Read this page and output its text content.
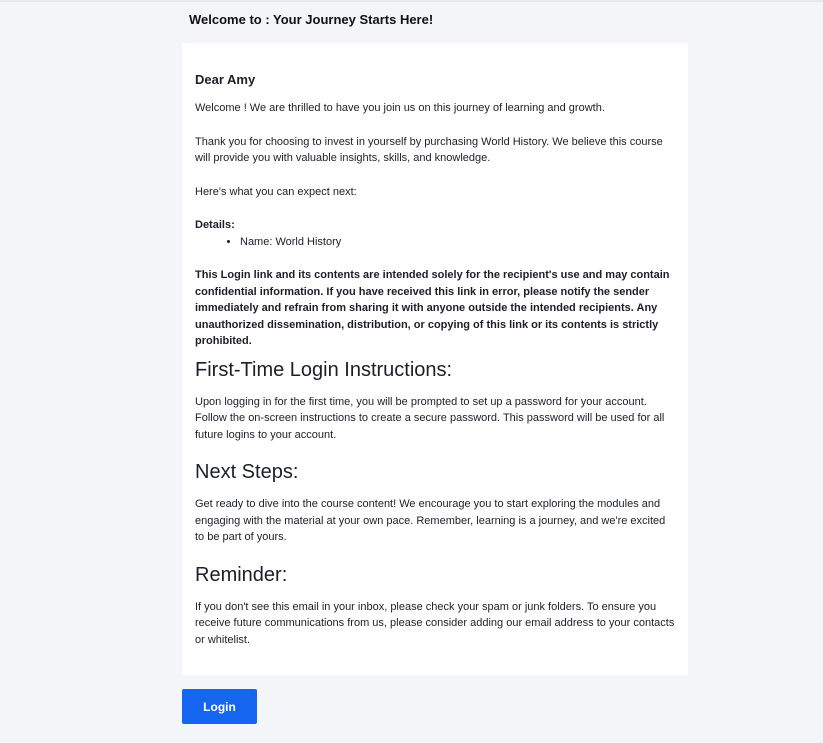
Welcome to : Your Journey Starts Here!

Dear Amy

Welcome ! We are thrilled to have you join us on this journey of learning and growth.

Thank you for choosing to invest in yourself by purchasing World History. We believe this course will provide you with valuable insights, skills, and knowledge.

Here's what you can expect next:

Details:

• Name: World History

This Login link and its contents are intended solely for the recipient's use and may contain confidential information. If you have received this link in error, please notify the sender immediately and refrain from sharing it with anyone outside the intended recipients. Any unauthorized dissemination, distribution, or copying of this link or its contents is strictly prohibited.

First-Time Login Instructions:

Upon logging in for the first time, you will be prompted to set up a password for your account. Follow the on-screen instructions to create a secure password. This password will be used for all future logins to your account.

Next Steps:

Get ready to dive into the course content! We encourage you to start exploring the modules and engaging with the material at your own pace. Remember, learning is a journey, and we're excited to be part of yours.

Reminder:

If you don't see this email in your inbox, please check your spam or junk folders. To ensure you receive future communications from us, please consider adding our email address to your contacts or whitelist.

Login
